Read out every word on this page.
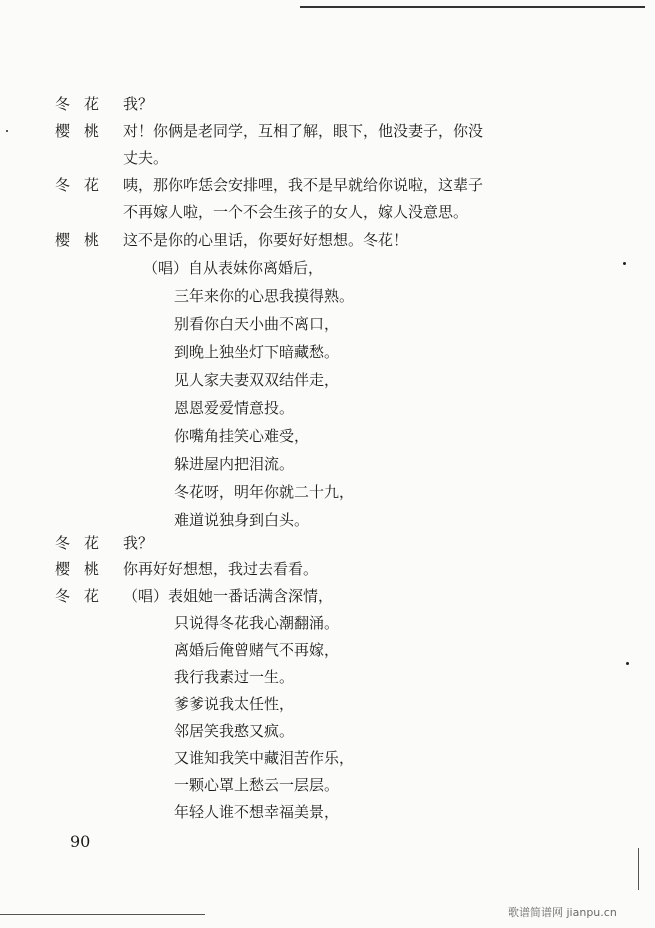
冬花 我？
樱桃 对！你俩是老同学，互相了解，眼下，他没妻子，你没
丈夫。
冬花 咦，那你咋恁会安排哩，我不是早就给你说啦，这辈子
不再嫁人啦，一个不会生孩子的女人，嫁人没意思。
樱桃 这不是你的心里话，你要好好想想。冬花！
（唱）自从表妹你离婚后，
三年来你的心思我摸得熟。
别看你白天小曲不离口，
到晚上独坐灯下暗藏愁。
见人家夫妻双双结伴走，
恩恩爱爱情意投。
你嘴角挂笑心难受，
躲进屋内把泪流。
冬花呀，明年你就二十九，
难道说独身到白头。
冬花 我？
樱桃 你再好好想想，我过去看看。
冬花 （唱）表姐她一番话满含深情，
只说得冬花我心潮翻涌。
离婚后俺曾赌气不再嫁，
我行我素过一生。
爹爹说我太任性，
邻居笑我憨又疯。
又谁知我笑中藏泪苦作乐，
一颗心罩上愁云一层层。
年轻人谁不想幸福美景，
90
歌谱简谱网 jianpu.cn
